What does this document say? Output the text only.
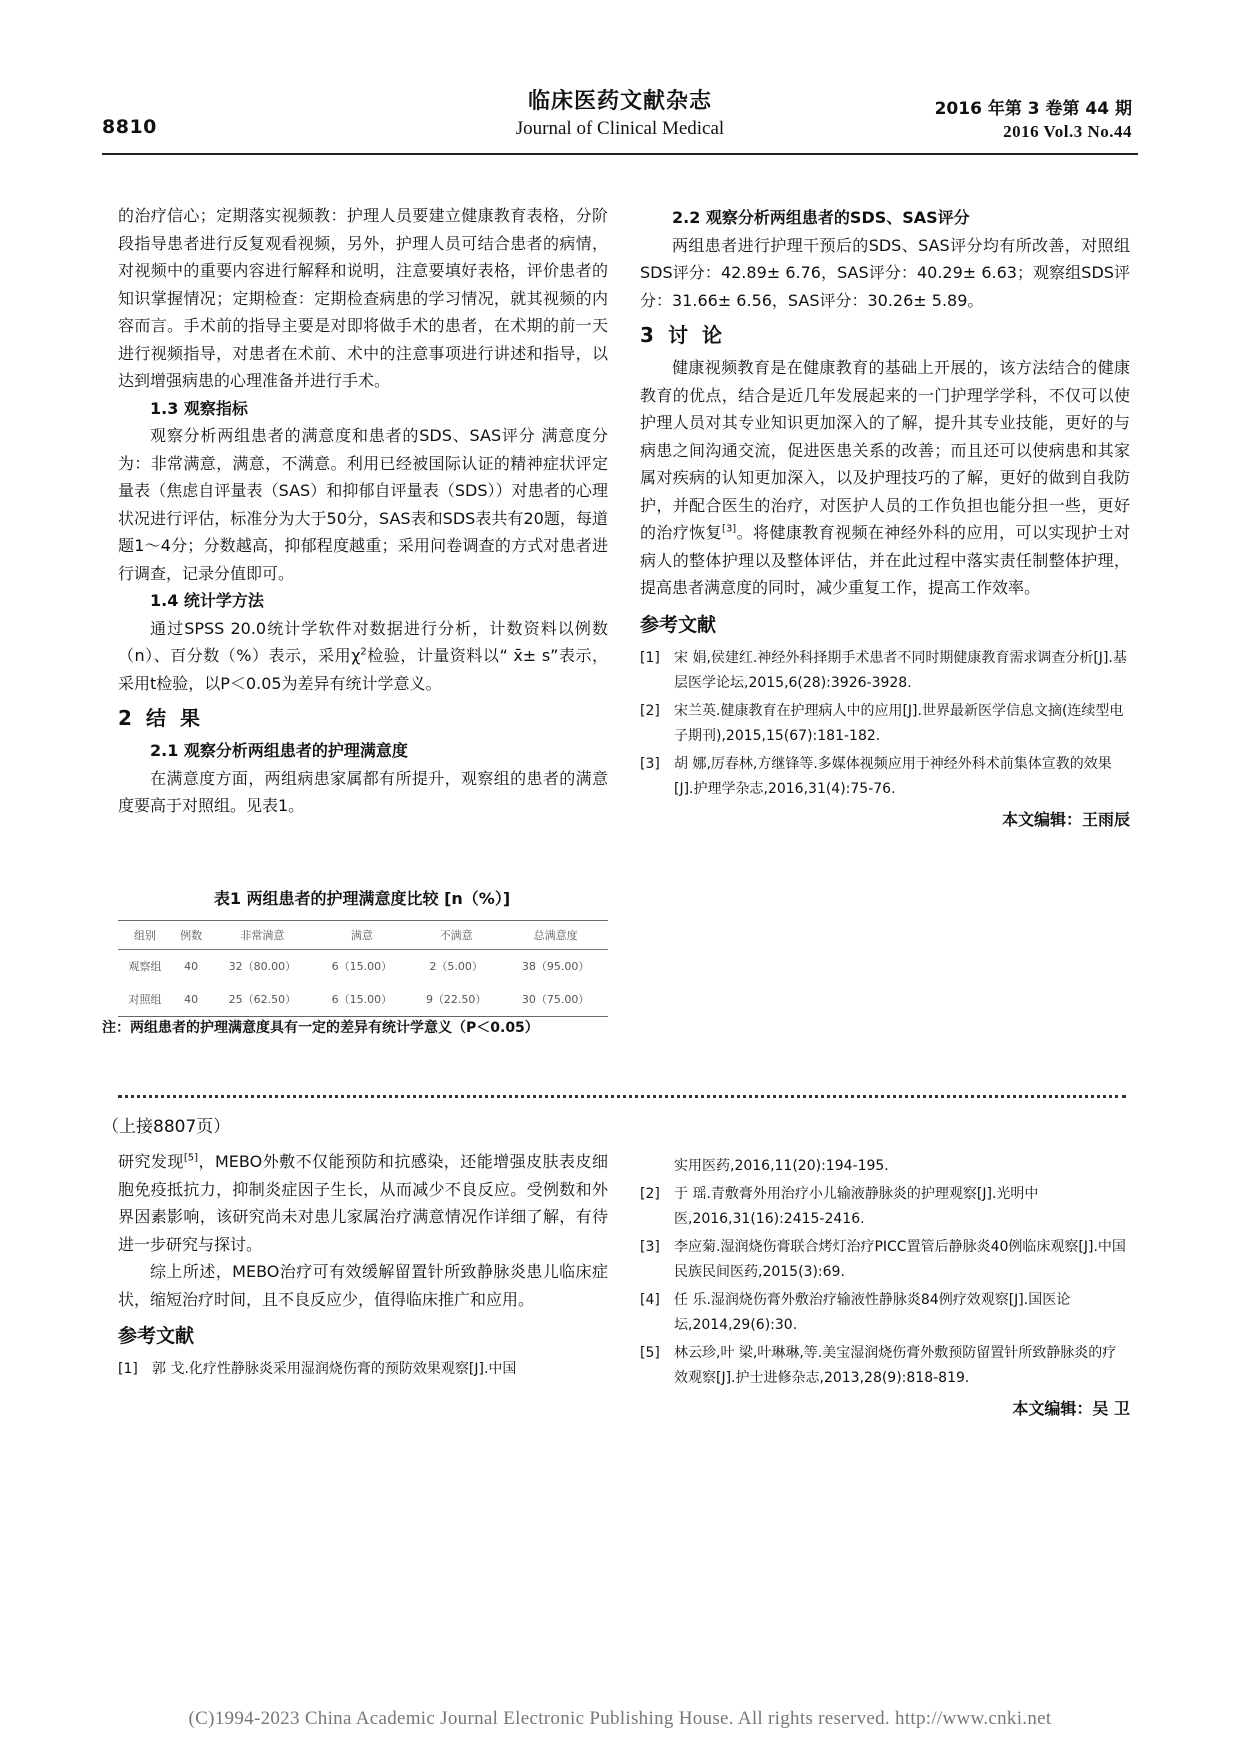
8810
临床医药文献杂志
Journal of Clinical Medical
2016 年第 3 卷第 44 期
2016 Vol.3 No.44

的治疗信心；定期落实视频教：护理人员要建立健康教育表格，分阶段指导患者进行反复观看视频，另外，护理人员可结合患者的病情，对视频中的重要内容进行解释和说明，注意要填好表格，评价患者的知识掌握情况；定期检查：定期检查病患的学习情况，就其视频的内容而言。手术前的指导主要是对即将做手术的患者，在术期的前一天进行视频指导，对患者在术前、术中的注意事项进行讲述和指导，以达到增强病患的心理准备并进行手术。

1.3 观察指标

观察分析两组患者的满意度和患者的SDS、SAS评分 满意度分为：非常满意，满意，不满意。利用已经被国际认证的精神症状评定量表（焦虑自评量表（SAS）和抑郁自评量表（SDS））对患者的心理状况进行评估，标准分为大于50分，SAS表和SDS表共有20题，每道题1～4分；分数越高，抑郁程度越重；采用问卷调查的方式对患者进行调查，记录分值即可。

1.4 统计学方法

通过SPSS 20.0统计学软件对数据进行分析，计数资料以例数（n）、百分数（%）表示，采用$\chi^2$检验，计量资料以“ x̄± s”表示，采用t检验，以P＜0.05为差异有统计学意义。

2 结果

2.1 观察分析两组患者的护理满意度

在满意度方面，两组病患家属都有所提升，观察组的患者的满意度要高于对照组。见表1。

表1 两组患者的护理满意度比较 [n（%）]
组别	例数	非常满意	满意	不满意	总满意度
观察组	40	32（80.00）	6（15.00）	2（5.00）	38（95.00）
对照组	40	25（62.50）	6（15.00）	9（22.50）	30（75.00）
注：两组患者的护理满意度具有一定的差异有统计学意义（P＜0.05）

2.2 观察分析两组患者的SDS、SAS评分

两组患者进行护理干预后的SDS、SAS评分均有所改善，对照组SDS评分：42.89± 6.76，SAS评分：40.29± 6.63；观察组SDS评分：31.66± 6.56，SAS评分：30.26± 5.89。

3 讨论

健康视频教育是在健康教育的基础上开展的，该方法结合的健康教育的优点，结合是近几年发展起来的一门护理学学科，不仅可以使护理人员对其专业知识更加深入的了解，提升其专业技能，更好的与病患之间沟通交流，促进医患关系的改善；而且还可以使病患和其家属对疾病的认知更加深入，以及护理技巧的了解，更好的做到自我防护，并配合医生的治疗，对医护人员的工作负担也能分担一些，更好的治疗恢复[3]。将健康教育视频在神经外科的应用，可以实现护士对病人的整体护理以及整体评估，并在此过程中落实责任制整体护理，提高患者满意度的同时，减少重复工作，提高工作效率。

参考文献
[1]	宋 娟,侯建红.神经外科择期手术患者不同时期健康教育需求调查分析[J].基层医学论坛,2015,6(28):3926-3928.
[2]	宋兰英.健康教育在护理病人中的应用[J].世界最新医学信息文摘(连续型电子期刊),2015,15(67):181-182.
[3]	胡 娜,厉春林,方继锋等.多媒体视频应用于神经外科术前集体宣教的效果[J].护理学杂志,2016,31(4):75-76.
本文编辑：王雨辰
（上接8807页）

研究发现[5]，MEBO外敷不仅能预防和抗感染，还能增强皮肤表皮细胞免疫抵抗力，抑制炎症因子生长，从而减少不良反应。受例数和外界因素影响，该研究尚未对患儿家属治疗满意情况作详细了解，有待进一步研究与探讨。

综上所述，MEBO治疗可有效缓解留置针所致静脉炎患儿临床症状，缩短治疗时间，且不良反应少，值得临床推广和应用。

参考文献
[1]	郭 戈.化疗性静脉炎采用湿润烧伤膏的预防效果观察[J].中国
实用医药,2016,11(20):194-195.
[2]	于 瑶.青敷膏外用治疗小儿输液静脉炎的护理观察[J].光明中医,2016,31(16):2415-2416.
[3]	李应菊.湿润烧伤膏联合烤灯治疗PICC置管后静脉炎40例临床观察[J].中国民族民间医药,2015(3):69.
[4]	任 乐.湿润烧伤膏外敷治疗输液性静脉炎84例疗效观察[J].国医论坛,2014,29(6):30.
[5]	林云珍,叶 梁,叶琳琳,等.美宝湿润烧伤膏外敷预防留置针所致静脉炎的疗效观察[J].护士进修杂志,2013,28(9):818-819.
本文编辑：吴 卫
(C)1994-2023 China Academic Journal Electronic Publishing House. All rights reserved. http://www.cnki.net
